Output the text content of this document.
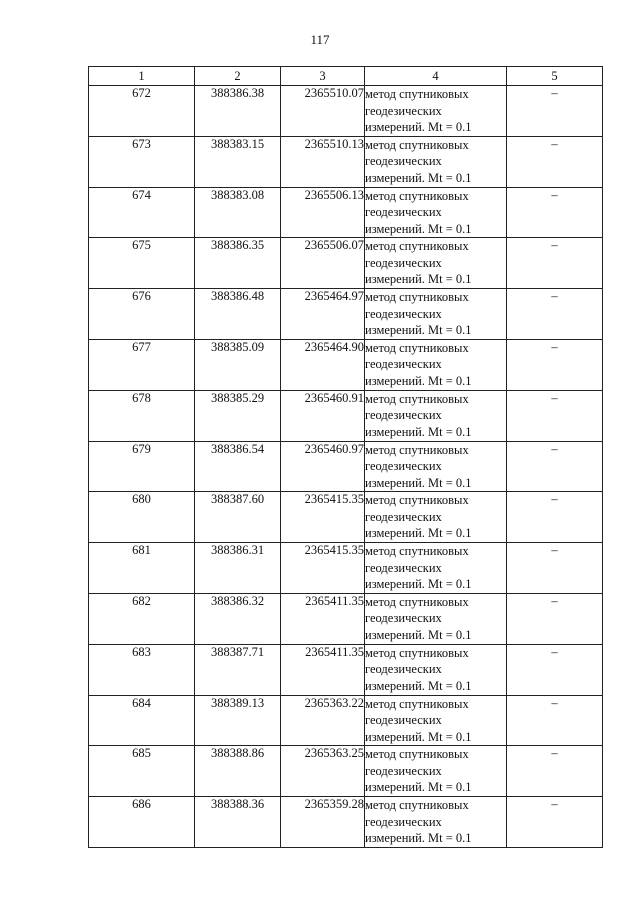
117
1	2	3	4	5
672	388386.38	2365510.07	метод спутниковых
геодезических
измерений. Mt = 0.1	–
673	388383.15	2365510.13	метод спутниковых
геодезических
измерений. Mt = 0.1	–
674	388383.08	2365506.13	метод спутниковых
геодезических
измерений. Mt = 0.1	–
675	388386.35	2365506.07	метод спутниковых
геодезических
измерений. Mt = 0.1	–
676	388386.48	2365464.97	метод спутниковых
геодезических
измерений. Mt = 0.1	–
677	388385.09	2365464.90	метод спутниковых
геодезических
измерений. Mt = 0.1	–
678	388385.29	2365460.91	метод спутниковых
геодезических
измерений. Mt = 0.1	–
679	388386.54	2365460.97	метод спутниковых
геодезических
измерений. Mt = 0.1	–
680	388387.60	2365415.35	метод спутниковых
геодезических
измерений. Mt = 0.1	–
681	388386.31	2365415.35	метод спутниковых
геодезических
измерений. Mt = 0.1	–
682	388386.32	2365411.35	метод спутниковых
геодезических
измерений. Mt = 0.1	–
683	388387.71	2365411.35	метод спутниковых
геодезических
измерений. Mt = 0.1	–
684	388389.13	2365363.22	метод спутниковых
геодезических
измерений. Mt = 0.1	–
685	388388.86	2365363.25	метод спутниковых
геодезических
измерений. Mt = 0.1	–
686	388388.36	2365359.28	метод спутниковых
геодезических
измерений. Mt = 0.1	–
